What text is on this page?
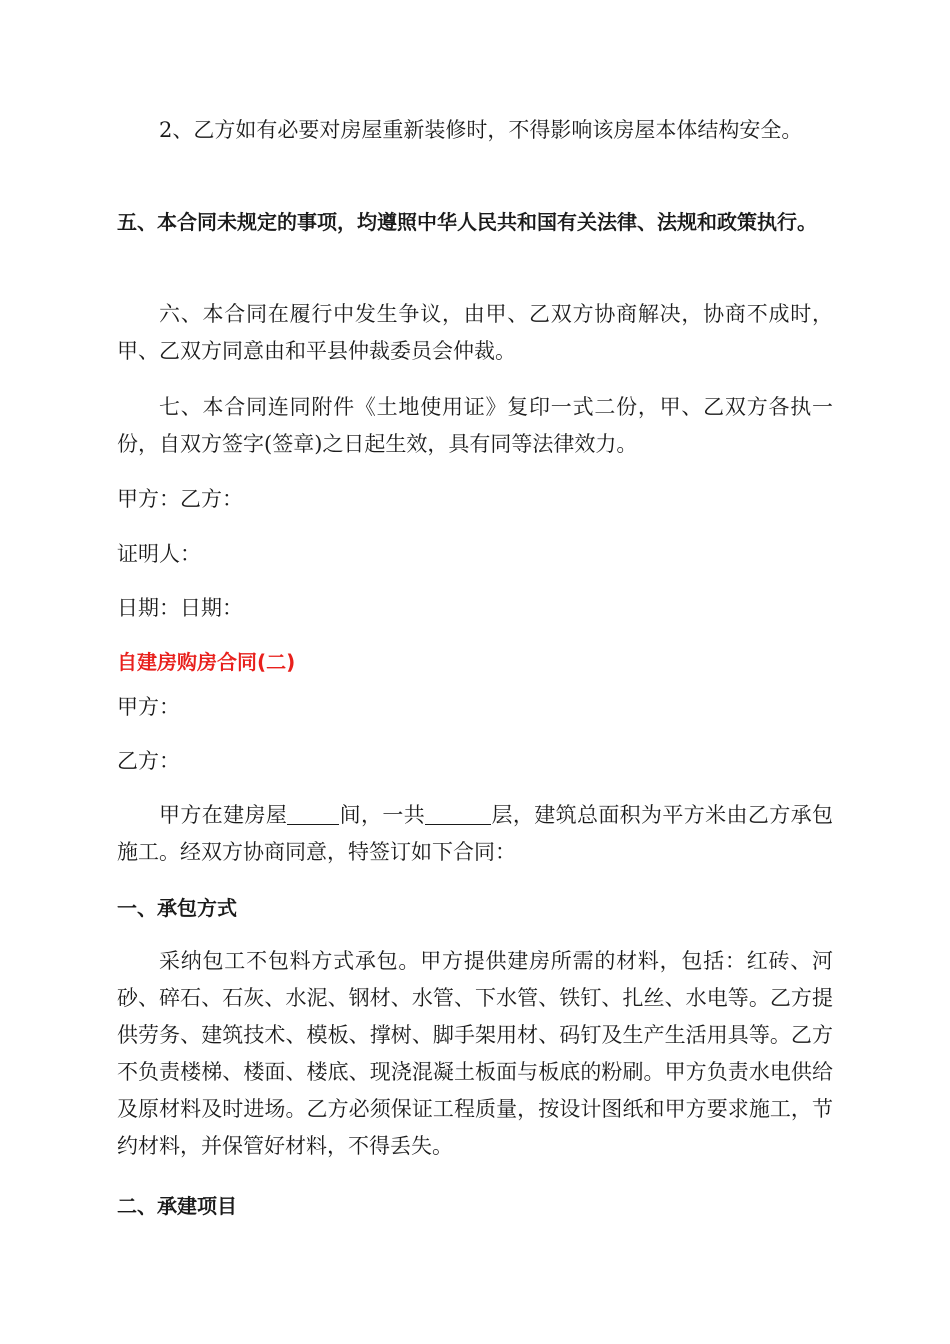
2、乙方如有必要对房屋重新装修时，不得影响该房屋本体结构安全。

五、本合同未规定的事项，均遵照中华人民共和国有关法律、法规和政策执行。

六、本合同在履行中发生争议，由甲、乙双方协商解决，协商不成时，甲、乙双方同意由和平县仲裁委员会仲裁。

七、本合同连同附件《土地使用证》复印一式二份，甲、乙双方各执一份，自双方签字(签章)之日起生效，具有同等法律效力。

甲方：乙方：

证明人：

日期：日期：

自建房购房合同(二)

甲方：

乙方：

甲方在建房屋 间，一共	层，建筑总面积为平方米由乙方承包施工。经双方协商同意，特签订如下合同：

一、承包方式

采纳包工不包料方式承包。甲方提供建房所需的材料，包括：红砖、河砂、碎石、石灰、水泥、钢材、水管、下水管、铁钉、扎丝、水电等。乙方提供劳务、建筑技术、模板、撑树、脚手架用材、码钉及生产生活用具等。乙方不负责楼梯、楼面、楼底、现浇混凝土板面与板底的粉刷。甲方负责水电供给及原材料及时进场。乙方必须保证工程质量，按设计图纸和甲方要求施工，节约材料，并保管好材料，不得丢失。

二、承建项目
